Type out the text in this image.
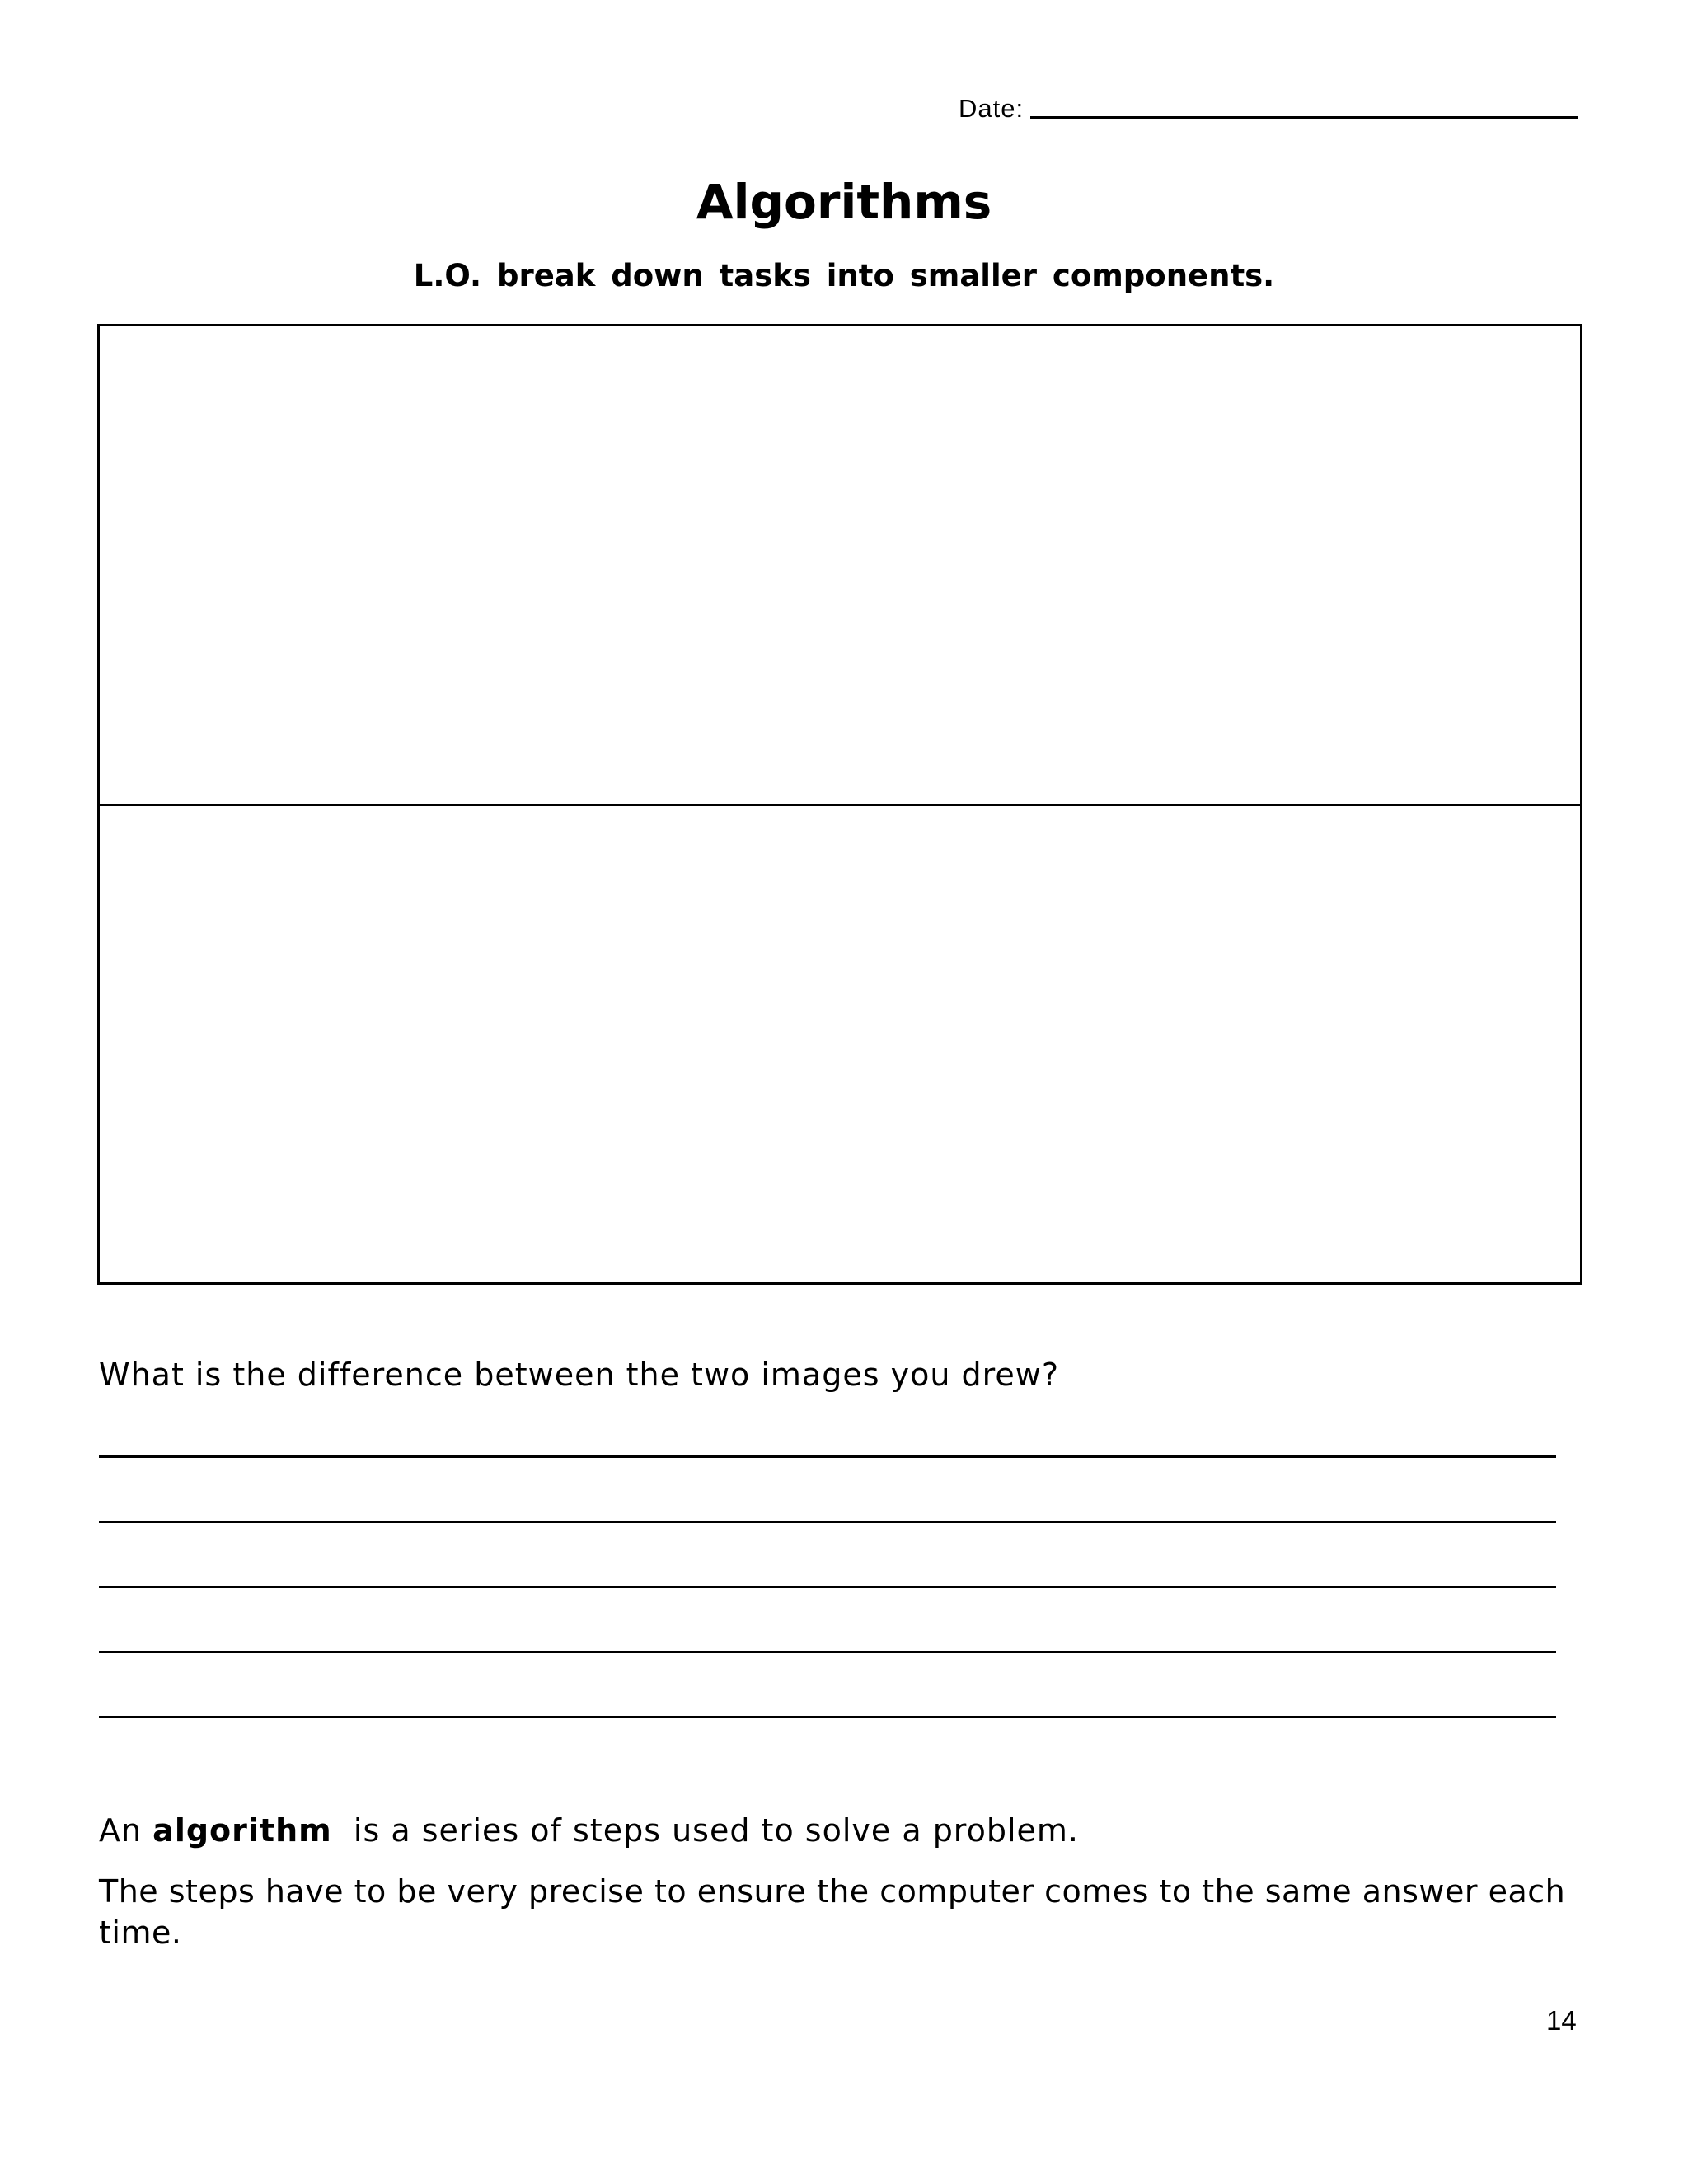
Date:
Algorithms
L.O. break down tasks into smaller components.
What is the difference between the two images you drew?
An algorithm  is a series of steps used to solve a problem.
The steps have to be very precise to ensure the computer comes to the same answer each time.
14
